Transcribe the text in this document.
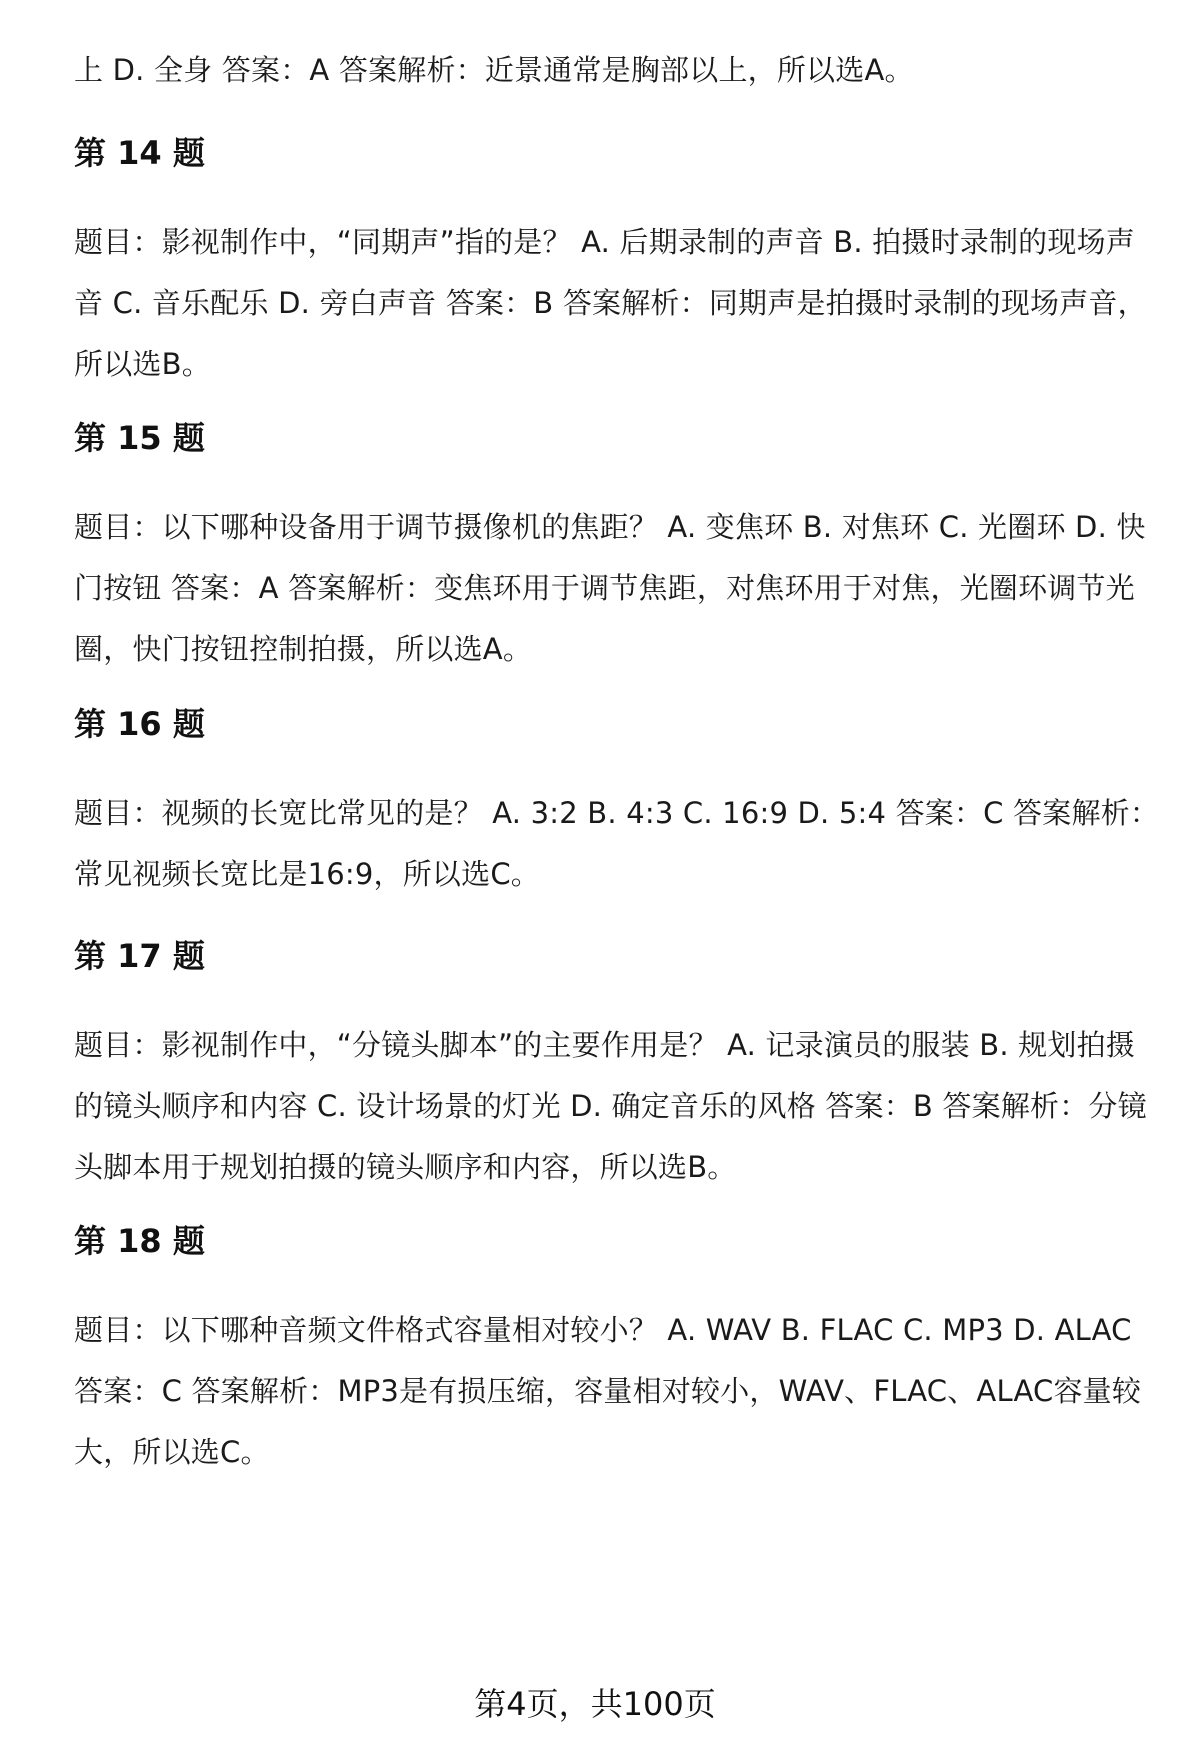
上 D. 全身 答案：A 答案解析：近景通常是胸部以上，所以选A。

第 14 题

题目：影视制作中，“同期声”指的是？ A. 后期录制的声音 B. 拍摄时录制的现场声音 C. 音乐配乐 D. 旁白声音 答案：B 答案解析：同期声是拍摄时录制的现场声音，所以选B。

第 15 题

题目：以下哪种设备用于调节摄像机的焦距？ A. 变焦环 B. 对焦环 C. 光圈环 D. 快门按钮 答案：A 答案解析：变焦环用于调节焦距，对焦环用于对焦，光圈环调节光圈，快门按钮控制拍摄，所以选A。

第 16 题

题目：视频的长宽比常见的是？ A. 3:2 B. 4:3 C. 16:9 D. 5:4 答案：C 答案解析：常见视频长宽比是16:9，所以选C。

第 17 题

题目：影视制作中，“分镜头脚本”的主要作用是？ A. 记录演员的服装 B. 规划拍摄的镜头顺序和内容 C. 设计场景的灯光 D. 确定音乐的风格 答案：B 答案解析：分镜头脚本用于规划拍摄的镜头顺序和内容，所以选B。

第 18 题

题目：以下哪种音频文件格式容量相对较小？ A. WAV B. FLAC C. MP3 D. ALAC 答案：C 答案解析：MP3是有损压缩，容量相对较小，WAV、FLAC、ALAC容量较大，所以选C。

第4页，共100页
